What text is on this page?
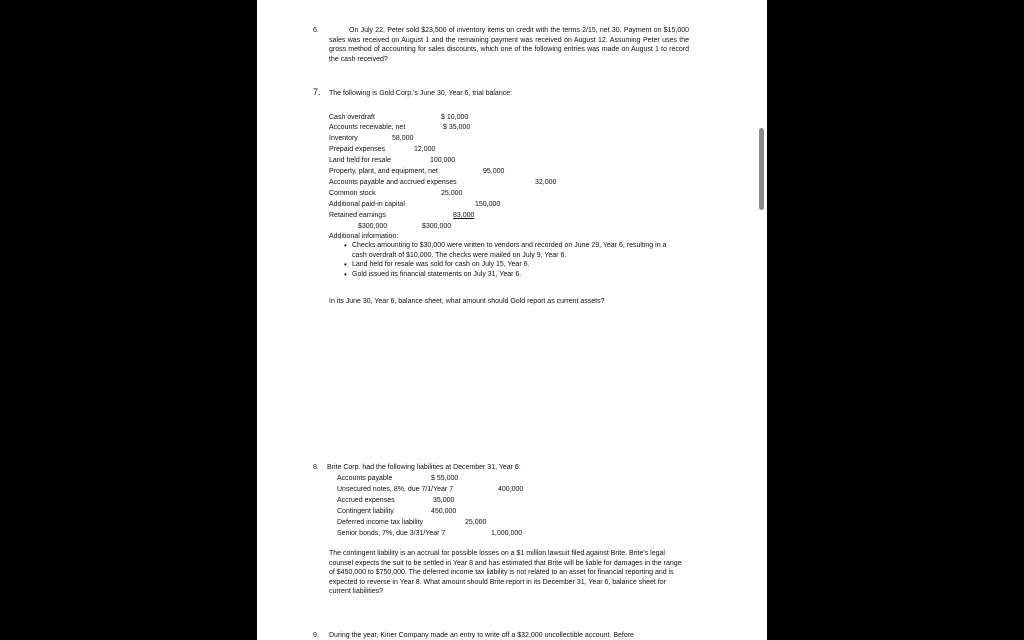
6.	On July 22, Peter sold $23,500 of inventory items on credit with the terms 2/15, net 30. Payment on $15,000 sales was received on August 1 and the remaining payment was received on August 12. Assuming Peter uses the gross method of accounting for sales discounts, which one of the following entries was made on August 1 to record the cash received?
7. The following is Gold Corp.'s June 30, Year 6, trial balance:
Cash overdraft	$ 10,000
Accounts receivable, net	$ 35,000
Inventory	58,000
Prepaid expenses	12,000
Land held for resale	100,000
Property, plant, and equipment, net	95,000
Accounts payable and accrued expenses	32,000
Common stock	25,000
Additional paid-in capital	150,000
Retained earnings	83,000
$300,000	$300,000
Additional information:
• Checks amounting to $30,000 were written to vendors and recorded on June 29, Year 6, resulting in a cash overdraft of $10,000. The checks were mailed on July 9, Year 6.
• Land held for resale was sold for cash on July 15, Year 6.
• Gold issued its financial statements on July 31, Year 6.
In its June 30, Year 6, balance sheet, what amount should Gold report as current assets?
8. Brite Corp. had the following liabilities at December 31, Year 6:
Accounts payable	$ 55,000
Unsecured notes, 8%, due 7/1/Year 7	400,000
Accrued expenses	35,000
Contingent liability	450,000
Deferred income tax liability	25,000
Senior bonds, 7%, due 3/31/Year 7	1,000,000
The contingent liability is an accrual for possible losses on a $1 million lawsuit filed against Brite. Brite's legal counsel expects the suit to be settled in Year 8 and has estimated that Brite will be liable for damages in the range of $450,000 to $750,000. The deferred income tax liability is not related to an asset for financial reporting and is expected to reverse in Year 8. What amount should Brite report in its December 31, Year 6, balance sheet for current liabilities?
9. During the year, Kiner Company made an entry to write off a $32,000 uncollectible account. Before
